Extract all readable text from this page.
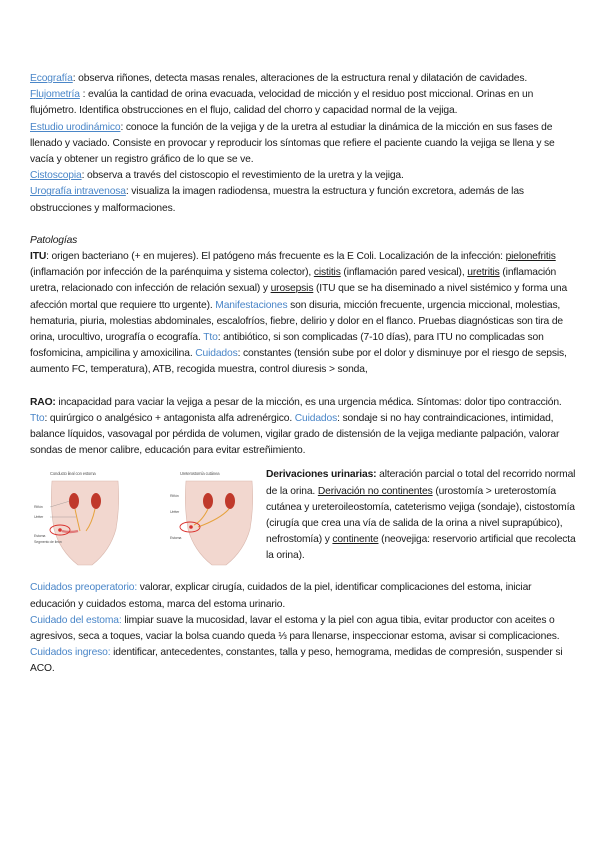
Ecografía: observa riñones, detecta masas renales, alteraciones de la estructura renal y dilatación de cavidades.

Flujometría : evalúa la cantidad de orina evacuada, velocidad de micción y el residuo post miccional. Orinas en un flujómetro. Identifica obstrucciones en el flujo, calidad del chorro y capacidad normal de la vejiga.

Estudio urodinámico: conoce la función de la vejiga y de la uretra al estudiar la dinámica de la micción en sus fases de llenado y vaciado. Consiste en provocar y reproducir los síntomas que refiere el paciente cuando la vejiga se llena y se vacía y obtener un registro gráfico de lo que se ve.

Cistoscopia: observa a través del cistoscopio el revestimiento de la uretra y la vejiga.

Urografía intravenosa: visualiza la imagen radiodensa, muestra la estructura y función excretora, además de las obstrucciones y malformaciones.

Patologías

ITU: origen bacteriano (+ en mujeres). El patógeno más frecuente es la E Coli. Localización de la infección: pielonefritis (inflamación por infección de la parénquima y sistema colector), cistitis (inflamación pared vesical), uretritis (inflamación uretra, relacionado con infección de relación sexual) y urosepsis (ITU que se ha diseminado a nivel sistémico y forma una afección mortal que requiere tto urgente). Manifestaciones son disuria, micción frecuente, urgencia miccional, molestias, hematuria, piuria, molestias abdominales, escalofríos, fiebre, delirio y dolor en el flanco. Pruebas diagnósticas son tira de orina, urocultivo, urografía o ecografía. Tto: antibiótico, si son complicadas (7-10 días), para ITU no complicadas son fosfomicina, ampicilina y amoxicilina. Cuidados: constantes (tensión sube por el dolor y disminuye por el riesgo de sepsis, aumento FC, temperatura), ATB, recogida muestra, control diuresis > sonda,

RAO: incapacidad para vaciar la vejiga a pesar de la micción, es una urgencia médica. Síntomas: dolor tipo contracción. Tto: quirúrgico o analgésico + antagonista alfa adrenérgico. Cuidados: sondaje si no hay contraindicaciones, intimidad, balance líquidos, vasovagal por pérdida de volumen, vigilar grado de distensión de la vejiga mediante palpación, valorar sondas de menor calibre, educación para evitar estreñimiento.

Conducto ileal con estoma
Riñón
Uréter
Estoma
Segmento de íleon
Ureterostomía cutánea
Riñón
Uréter
Estoma

Derivaciones urinarias: alteración parcial o total del recorrido normal de la orina. Derivación no continentes (urostomía > ureterostomía cutánea y ureteroileostomía, cateterismo vejiga (sondaje), cistostomía (cirugía que crea una vía de salida de la orina a nivel suprapúbico), nefrostomía) y continente (neovejiga: reservorio artificial que recolecta la orina).

Cuidados preoperatorio: valorar, explicar cirugía, cuidados de la piel, identificar complicaciones del estoma, iniciar educación y cuidados estoma, marca del estoma urinario.

Cuidado del estoma: limpiar suave la mucosidad, lavar el estoma y la piel con agua tibia, evitar productor con aceites o agresivos, seca a toques, vaciar la bolsa cuando queda ⅓ para llenarse, inspeccionar estoma, avisar si complicaciones.

Cuidados ingreso: identificar, antecedentes, constantes, talla y peso, hemograma, medidas de compresión, suspender si ACO.
